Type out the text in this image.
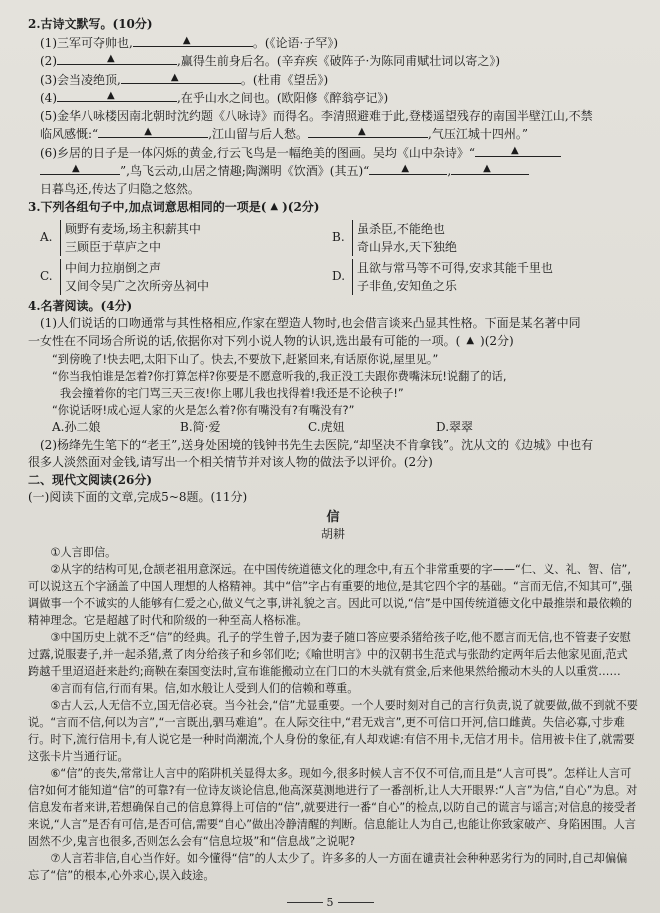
2.古诗文默写。(10分)
(1)三军可夺帅也,	▲	。(《论语·子罕》)
(2)	▲	,赢得生前身后名。(辛弃疾《破阵子·为陈同甫赋壮词以寄之》)
(3)会当凌绝顶,	▲	。(杜甫《望岳》)
(4)	▲	,在乎山水之间也。(欧阳修《醉翁亭记》)
(5)金华八咏楼因南北朝时沈约题《八咏诗》而得名。李清照避难于此,登楼遥望残存的南国半壁江山,不禁
临风感慨:“	▲	,江山留与后人愁。	▲	,气压江城十四州。”
(6)乡居的日子是一体闪烁的黄金,行云飞鸟是一幅绝美的图画。吴均《山中杂诗》“	▲
▲	”,鸟飞云动,山居之情趣;陶渊明《饮酒》(其五)“	▲	,	▲
日暮鸟还,传达了归隐之悠然。
3.下列各组句子中,加点词意思相同的一项是( ▲ )(2分)
A.
顾野有麦场,场主积薪其中
三顾臣于草庐之中
B.
虽杀臣,不能绝也
奇山异水,天下独绝
C.
中间力拉崩倒之声
又间令吴广之次所旁丛祠中
D.
且欲与常马等不可得,安求其能千里也
子非鱼,安知鱼之乐
4.名著阅读。(4分)
(1)人们说话的口吻通常与其性格相应,作家在塑造人物时,也会借言谈来凸显其性格。下面是某名著中同
一女性在不同场合所说的话,依据你对下列小说人物的认识,选出最有可能的一项。( ▲ )(2分)
“到傍晚了!快去吧,太阳下山了。快去,不要放下,赶紧回来,有话原你说,屋里见。”
“你当我怕谁是怎着?你打算怎样?你要是不愿意听我的,我正没工夫跟你费嘴沫玩!说翻了的话,
我会撞着你的宅门骂三天三夜!你上哪儿我也找得着!我还是不论秧子!”
“你说话呀!成心逗人家的火是怎么着?你有嘴没有?有嘴没有?”
A.孙二娘	B.简·爱	C.虎妞	D.翠翠
(2)杨绛先生笔下的“老王”,送身处困境的钱钟书先生去医院,“却坚决不肯拿钱”。沈从文的《边城》中也有
很多人淡然面对金钱,请写出一个相关情节并对该人物的做法予以评价。(2分)
二、现代文阅读(26分)
(一)阅读下面的文章,完成5~8题。(11分)
信
胡耕
①人言即信。
②从字的结构可见,仓颉老祖用意深远。在中国传统道德文化的理念中,有五个非常重要的字——“仁、义、礼、智、信”,可以说这五个字涵盖了中国人理想的人格精神。其中“信”字占有重要的地位,是其它四个字的基础。“言而无信,不知其可”,强调做事一个不诚实的人能够有仁爱之心,做义气之事,讲礼貌之言。因此可以说,“信”是中国传统道德文化中最推崇和最依赖的精神理念。它是超越了时代和阶级的一种至高人格标准。
③中国历史上就不乏“信”的经典。孔子的学生曾子,因为妻子随口答应要杀猪给孩子吃,他不愿言而无信,也不管妻子安慰过露,说服妻子,并一起杀猪,煮了肉分给孩子和乡邻们吃;《喻世明言》中的汉朝书生范式与张劭约定两年后去他家见面,范式跨越千里迢迢赶来赴约;商鞅在秦国变法时,宣布谁能搬动立在门口的木头就有赏金,后来他果然给搬动木头的人以重赏……
④言而有信,行而有果。信,如水般让人受到人们的信赖和尊重。
⑤古人云,人无信不立,国无信必衰。当今社会,“信”尤显重要。一个人要时刻对自己的言行负责,说了就要做,做不到就不要说。“言而不信,何以为言”,“一言既出,驷马难追”。在人际交往中,“君无戏言”,更不可信口开河,信口雌黄。失信必寡,寸步难行。时下,流行信用卡,有人说它是一种时尚潮流,个人身份的象征,有人却戏谑:有信不用卡,无信才用卡。信用被卡住了,就需要这张卡片当通行证。
⑥“信”的丧失,常常让人言中的陷阱机关显得太多。现如今,很多时候人言不仅不可信,而且是“人言可畏”。怎样让人言可信?如何才能知道“信”的可靠?有一位诗友谈论信息,他高深莫测地进行了一番剖析,让人大开眼界:“人言”为信,“自心”为息。对信息发布者来讲,若想确保自己的信息算得上可信的“信”,就要进行一番“自心”的检点,以防自己的谎言与谣言;对信息的接受者来说,“人言”是否有可信,是否可信,需要“自心”做出冷静清醒的判断。信息能让人为自己,也能让你致家破产、身陷困围。人言固然不少,鬼言也很多,否则怎么会有“信息垃圾”和“信息战”之说呢?
⑦人言若非信,自心当作好。如今懂得“信”的人太少了。许多多的人一方面在谴责社会种种恶劣行为的同时,自己却偏偏忘了“信”的根本,心外求心,误入歧途。
5
